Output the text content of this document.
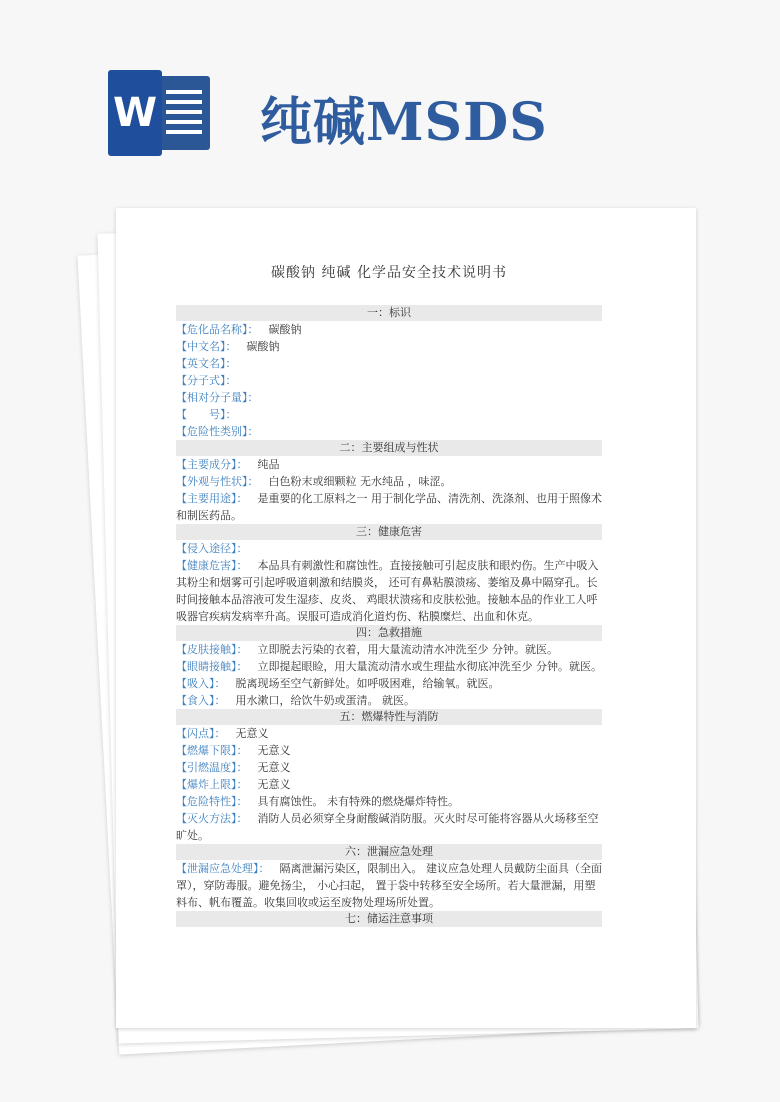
W 纯碱MSDS
碳酸钠 纯碱 化学品安全技术说明书
一：标识
【危化品名称】： 碳酸钠
【中文名】： 碳酸钠
【英文名】：
【分子式】：
【相对分子量】：
【　　号】：
【危险性类别】：
二：主要组成与性状
【主要成分】： 纯品
【外观与性状】： 白色粉末或细颗粒 无水纯品 ，味涩。
【主要用途】： 是重要的化工原料之一 用于制化学品、清洗剂、洗涤剂、也用于照像术和制医药品。
三：健康危害
【侵入途径】：
【健康危害】： 本品具有刺激性和腐蚀性。直接接触可引起皮肤和眼灼伤。生产中吸入其粉尘和烟雾可引起呼吸道刺激和结膜炎， 还可有鼻粘膜溃疡、萎缩及鼻中隔穿孔。长时间接触本品溶液可发生湿疹、皮炎、 鸡眼状溃疡和皮肤松弛。接触本品的作业工人呼吸器官疾病发病率升高。误服可造成消化道灼伤、粘膜糜烂、出血和休克。
四：急救措施
【皮肤接触】： 立即脱去污染的衣着，用大量流动清水冲洗至少 分钟。就医。
【眼睛接触】： 立即提起眼睑，用大量流动清水或生理盐水彻底冲洗至少 分钟。就医。
【吸入】： 脱离现场至空气新鲜处。如呼吸困难，给输氧。就医。
【食入】： 用水漱口，给饮牛奶或蛋清。 就医。
五：燃爆特性与消防
【闪点】： 无意义
【燃爆下限】： 无意义
【引燃温度】： 无意义
【爆炸上限】： 无意义
【危险特性】： 具有腐蚀性。 未有特殊的燃烧爆炸特性。
【灭火方法】： 消防人员必须穿全身耐酸碱消防服。灭火时尽可能将容器从火场移至空旷处。
六：泄漏应急处理
【泄漏应急处理】： 隔离泄漏污染区，限制出入。 建议应急处理人员戴防尘面具（全面罩），穿防毒服。避免扬尘， 小心扫起， 置于袋中转移至安全场所。若大量泄漏，用塑料布、帆布覆盖。收集回收或运至废物处理场所处置。
七：储运注意事项
